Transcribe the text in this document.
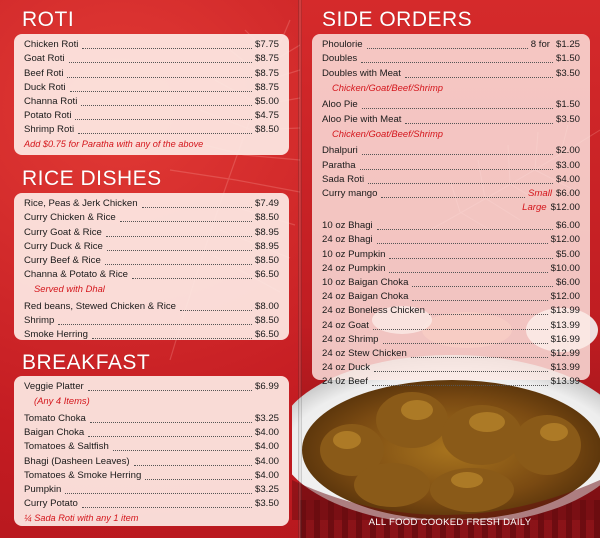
ROTI
Chicken Roti	$7.75
Goat Roti	$8.75
Beef Roti	$8.75
Duck Roti	$8.75
Channa Roti	$5.00
Potato Roti	$4.75
Shrimp Roti	$8.50
Add $0.75 for Paratha with any of the above
RICE DISHES
Rice, Peas & Jerk Chicken	$7.49
Curry Chicken & Rice	$8.50
Curry Goat & Rice	$8.95
Curry Duck & Rice	$8.95
Curry Beef & Rice	$8.50
Channa & Potato & Rice	$6.50
Served with Dhal
Red beans, Stewed Chicken & Rice	$8.00
Shrimp	$8.50
Smoke Herring	$6.50
BREAKFAST
Veggie Platter	$6.99
(Any 4 Items)
Tomato Choka	$3.25
Baigan Choka	$4.00
Tomatoes & Saltfish	$4.00
Bhagi (Dasheen Leaves)	$4.00
Tomatoes & Smoke Herring	$4.00
Pumpkin	$3.25
Curry Potato	$3.50
¼ Sada Roti with any 1 item
SIDE ORDERS
Phoulorie	8 for $1.25
Doubles	$1.50
Doubles with Meat	$3.50
Chicken/Goat/Beef/Shrimp
Aloo Pie	$1.50
Aloo Pie with Meat	$3.50
Chicken/Goat/Beef/Shrimp
Dhalpuri	$2.00
Paratha	$3.00
Sada Roti	$4.00
Curry mango	Small $6.00
Large $12.00
10 oz Bhagi	$6.00
24 oz Bhagi	$12.00
10 oz Pumpkin	$5.00
24 oz Pumpkin	$10.00
10 oz Baigan Choka	$6.00
24 oz Baigan Choka	$12.00
24 oz Boneless Chicken	$13.99
24 oz Goat	$13.99
24 oz Shrimp	$16.99
24 oz Stew Chicken	$12.99
24 oz Duck	$13.99
24 0z Beef	$13.99
ALL FOOD COOKED FRESH DAILY
